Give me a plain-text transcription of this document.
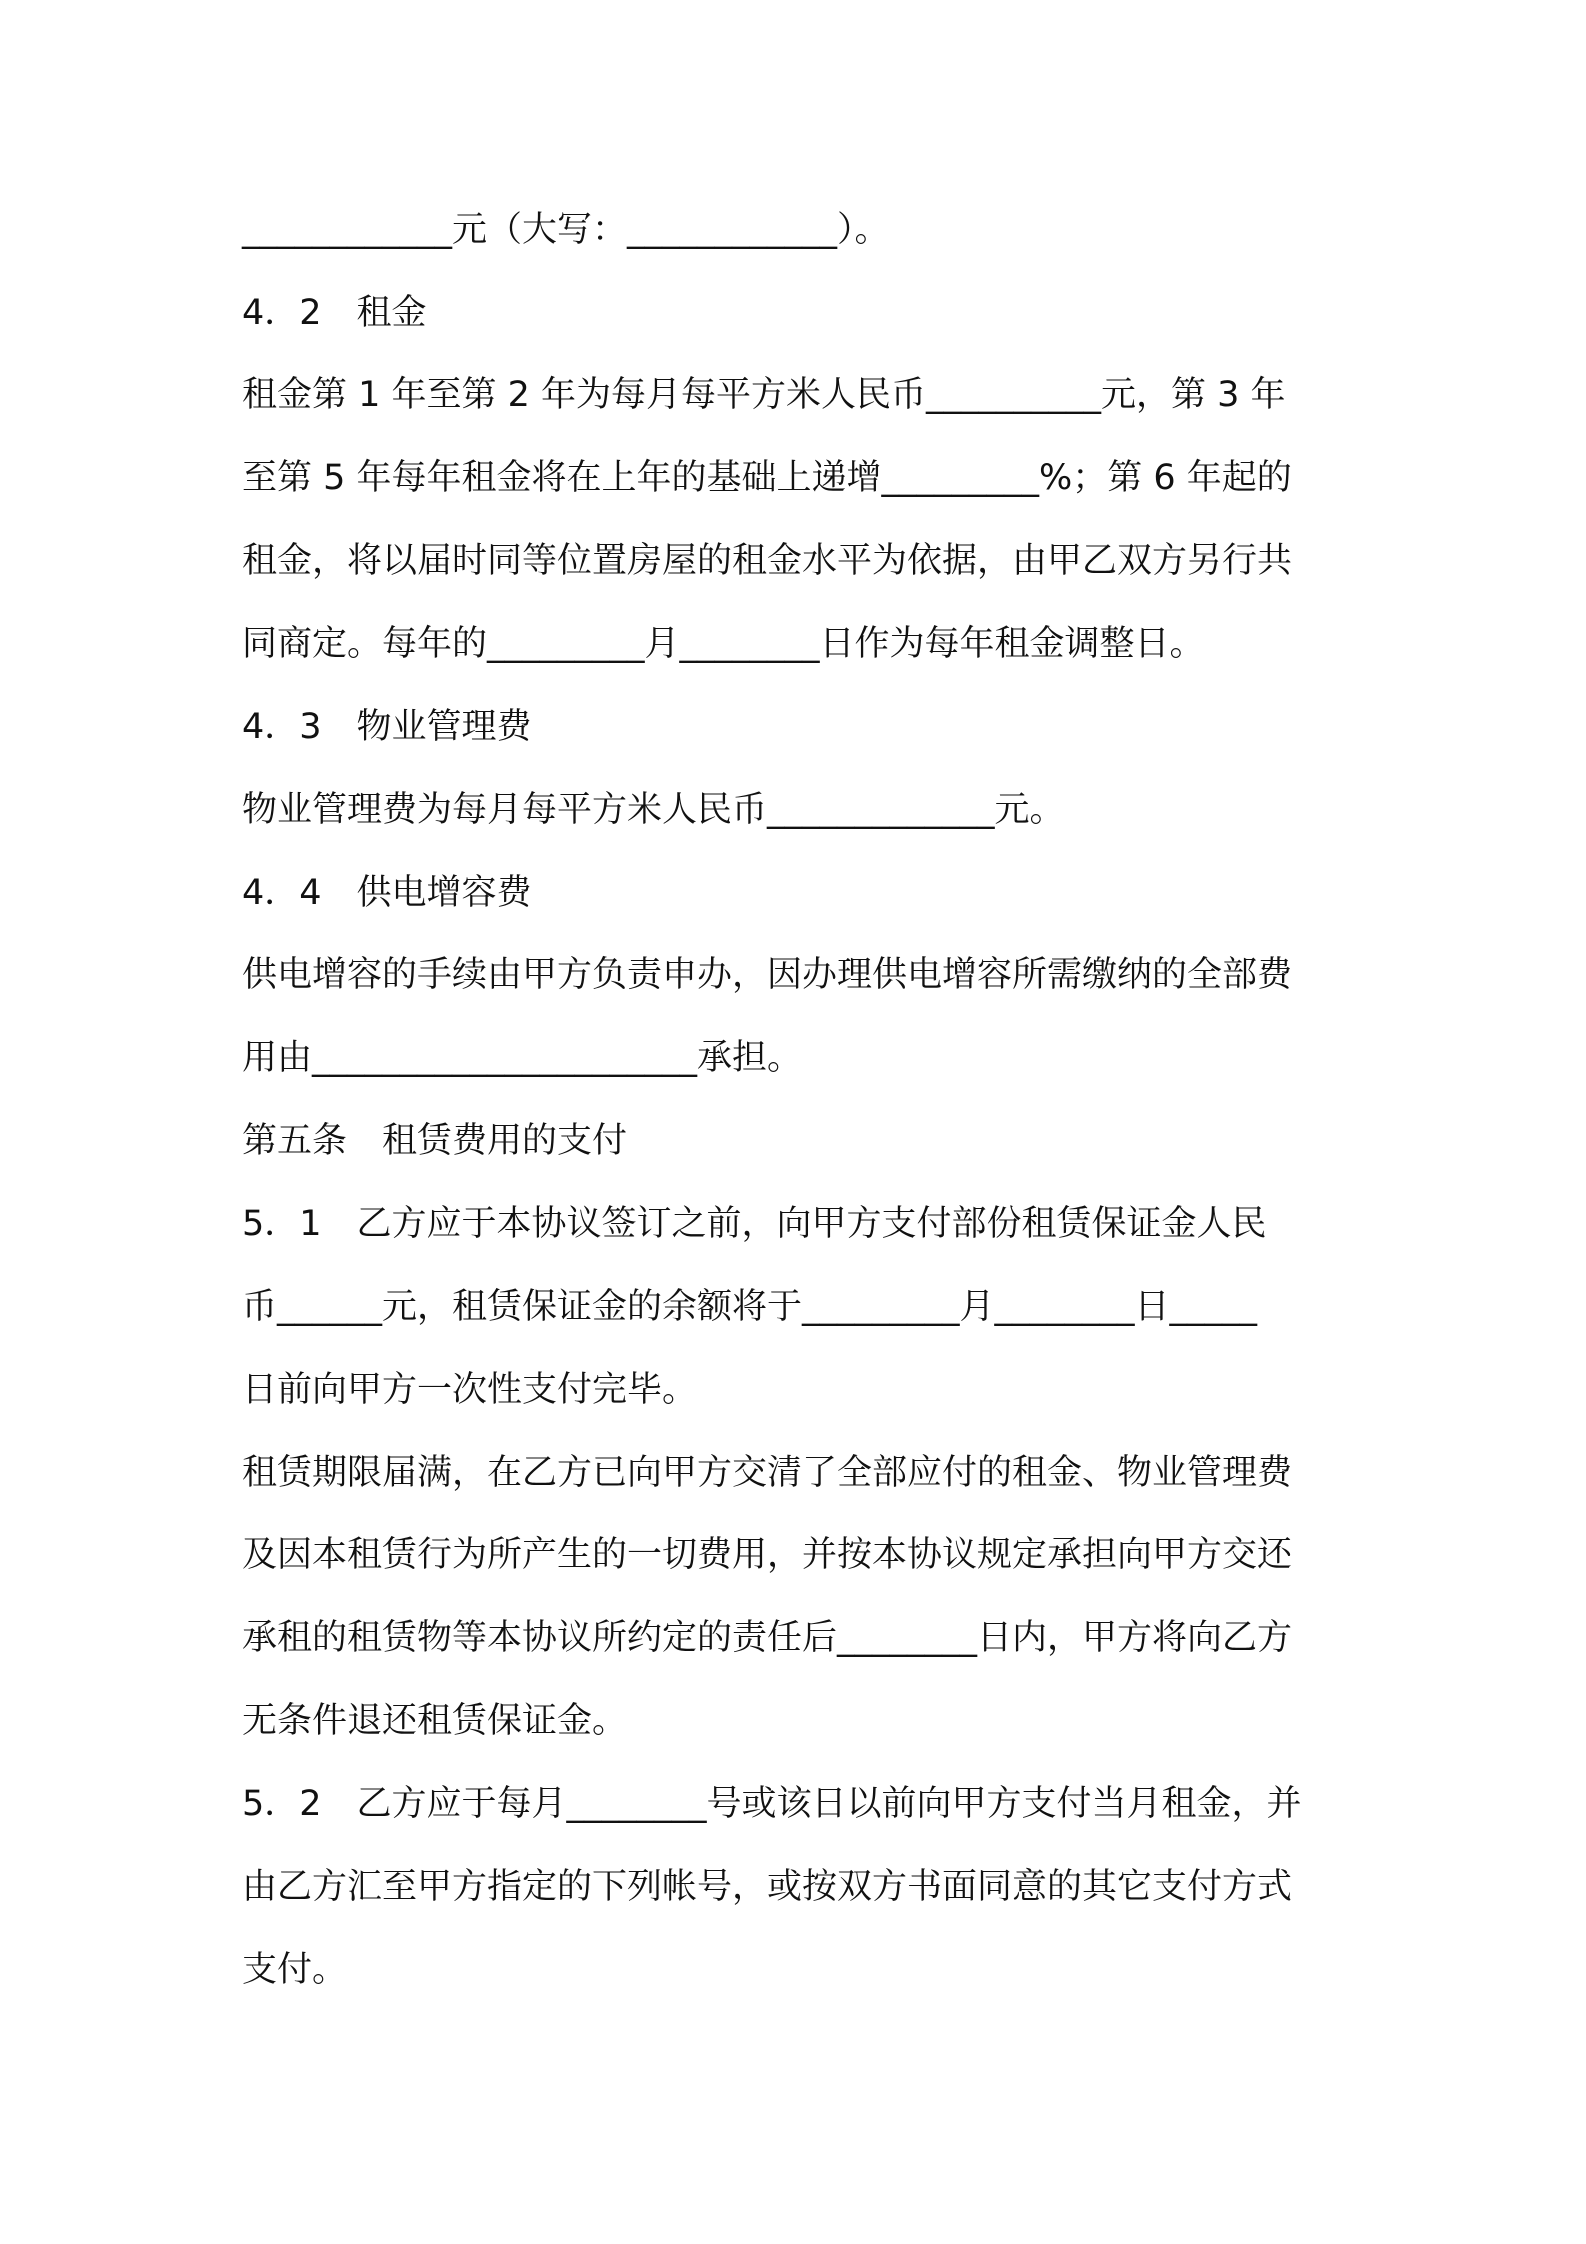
____________元（大写：____________）。
4．2　租金
租金第 1 年至第 2 年为每月每平方米人民币__________元，第 3 年
至第 5 年每年租金将在上年的基础上递增_________%；第 6 年起的
租金，将以届时同等位置房屋的租金水平为依据，由甲乙双方另行共
同商定。每年的_________月________日作为每年租金调整日。
4．3　物业管理费
物业管理费为每月每平方米人民币_____________元。
4．4　供电增容费
供电增容的手续由甲方负责申办，因办理供电增容所需缴纳的全部费
用由______________________承担。
第五条　租赁费用的支付
5．1　乙方应于本协议签订之前，向甲方支付部份租赁保证金人民
币______元，租赁保证金的余额将于_________月________日_____
日前向甲方一次性支付完毕。
租赁期限届满，在乙方已向甲方交清了全部应付的租金、物业管理费
及因本租赁行为所产生的一切费用，并按本协议规定承担向甲方交还
承租的租赁物等本协议所约定的责任后________日内，甲方将向乙方
无条件退还租赁保证金。
5．2　乙方应于每月________号或该日以前向甲方支付当月租金，并
由乙方汇至甲方指定的下列帐号，或按双方书面同意的其它支付方式
支付。
